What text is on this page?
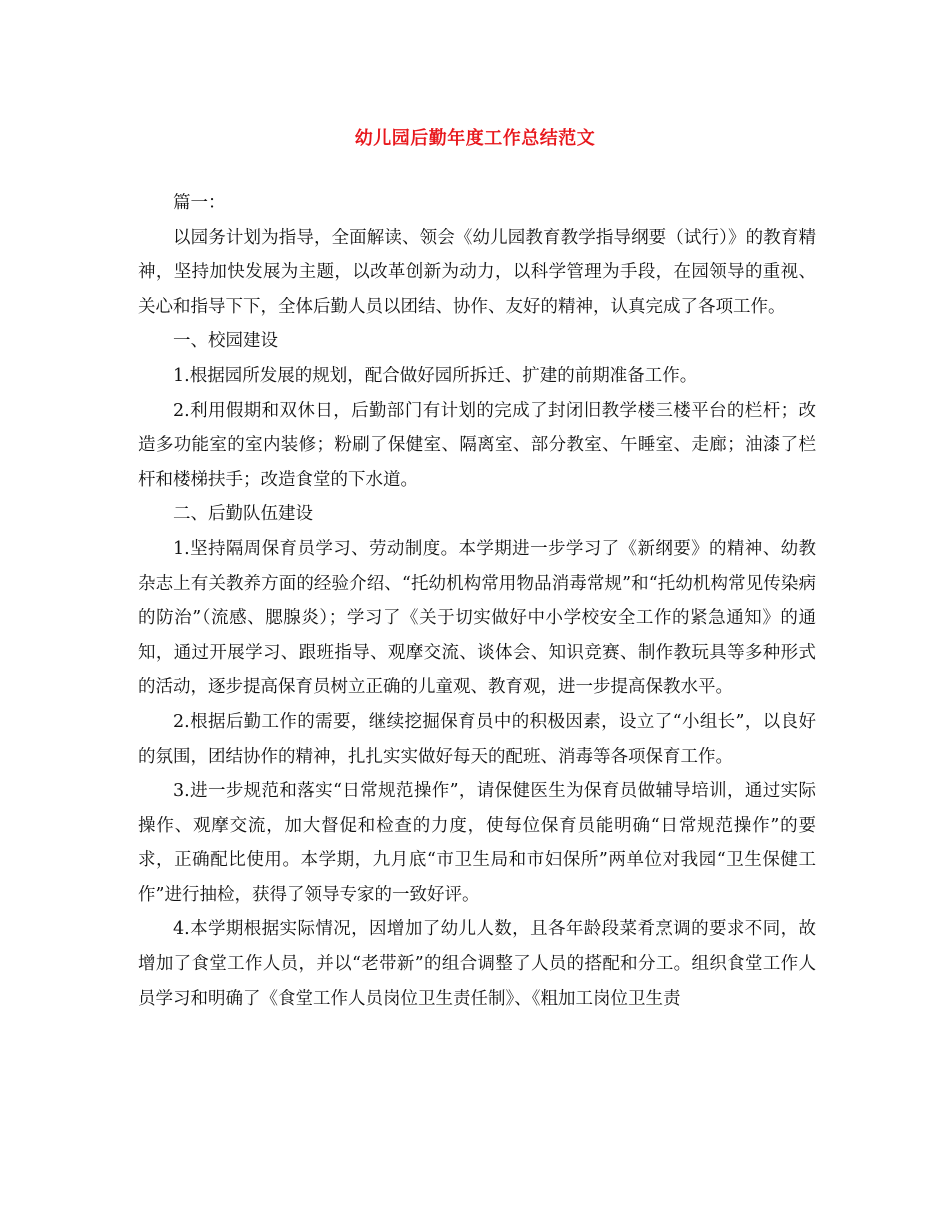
幼儿园后勤年度工作总结范文

篇一：

以园务计划为指导，全面解读、领会《幼儿园教育教学指导纲要（试行）》的教育精神，坚持加快发展为主题，以改革创新为动力，以科学管理为手段，在园领导的重视、关心和指导下下，全体后勤人员以团结、协作、友好的精神，认真完成了各项工作。

一、校园建设

1.根据园所发展的规划，配合做好园所拆迁、扩建的前期准备工作。

2.利用假期和双休日，后勤部门有计划的完成了封闭旧教学楼三楼平台的栏杆；改造多功能室的室内装修；粉刷了保健室、隔离室、部分教室、午睡室、走廊；油漆了栏杆和楼梯扶手；改造食堂的下水道。

二、后勤队伍建设

1.坚持隔周保育员学习、劳动制度。本学期进一步学习了《新纲要》的精神、幼教杂志上有关教养方面的经验介绍、“托幼机构常用物品消毒常规”和“托幼机构常见传染病的防治”（流感、腮腺炎）；学习了《关于切实做好中小学校安全工作的紧急通知》的通知，通过开展学习、跟班指导、观摩交流、谈体会、知识竞赛、制作教玩具等多种形式的活动，逐步提高保育员树立正确的儿童观、教育观，进一步提高保教水平。

2.根据后勤工作的需要，继续挖掘保育员中的积极因素，设立了“小组长”，以良好的氛围，团结协作的精神，扎扎实实做好每天的配班、消毒等各项保育工作。

3.进一步规范和落实“日常规范操作”，请保健医生为保育员做辅导培训，通过实际操作、观摩交流，加大督促和检查的力度，使每位保育员能明确“日常规范操作”的要求，正确配比使用。本学期，九月底“市卫生局和市妇保所”两单位对我园“卫生保健工作”进行抽检，获得了领导专家的一致好评。

4.本学期根据实际情况，因增加了幼儿人数，且各年龄段菜肴烹调的要求不同，故增加了食堂工作人员，并以“老带新”的组合调整了人员的搭配和分工。组织食堂工作人员学习和明确了《食堂工作人员岗位卫生责任制》、《粗加工岗位卫生责
